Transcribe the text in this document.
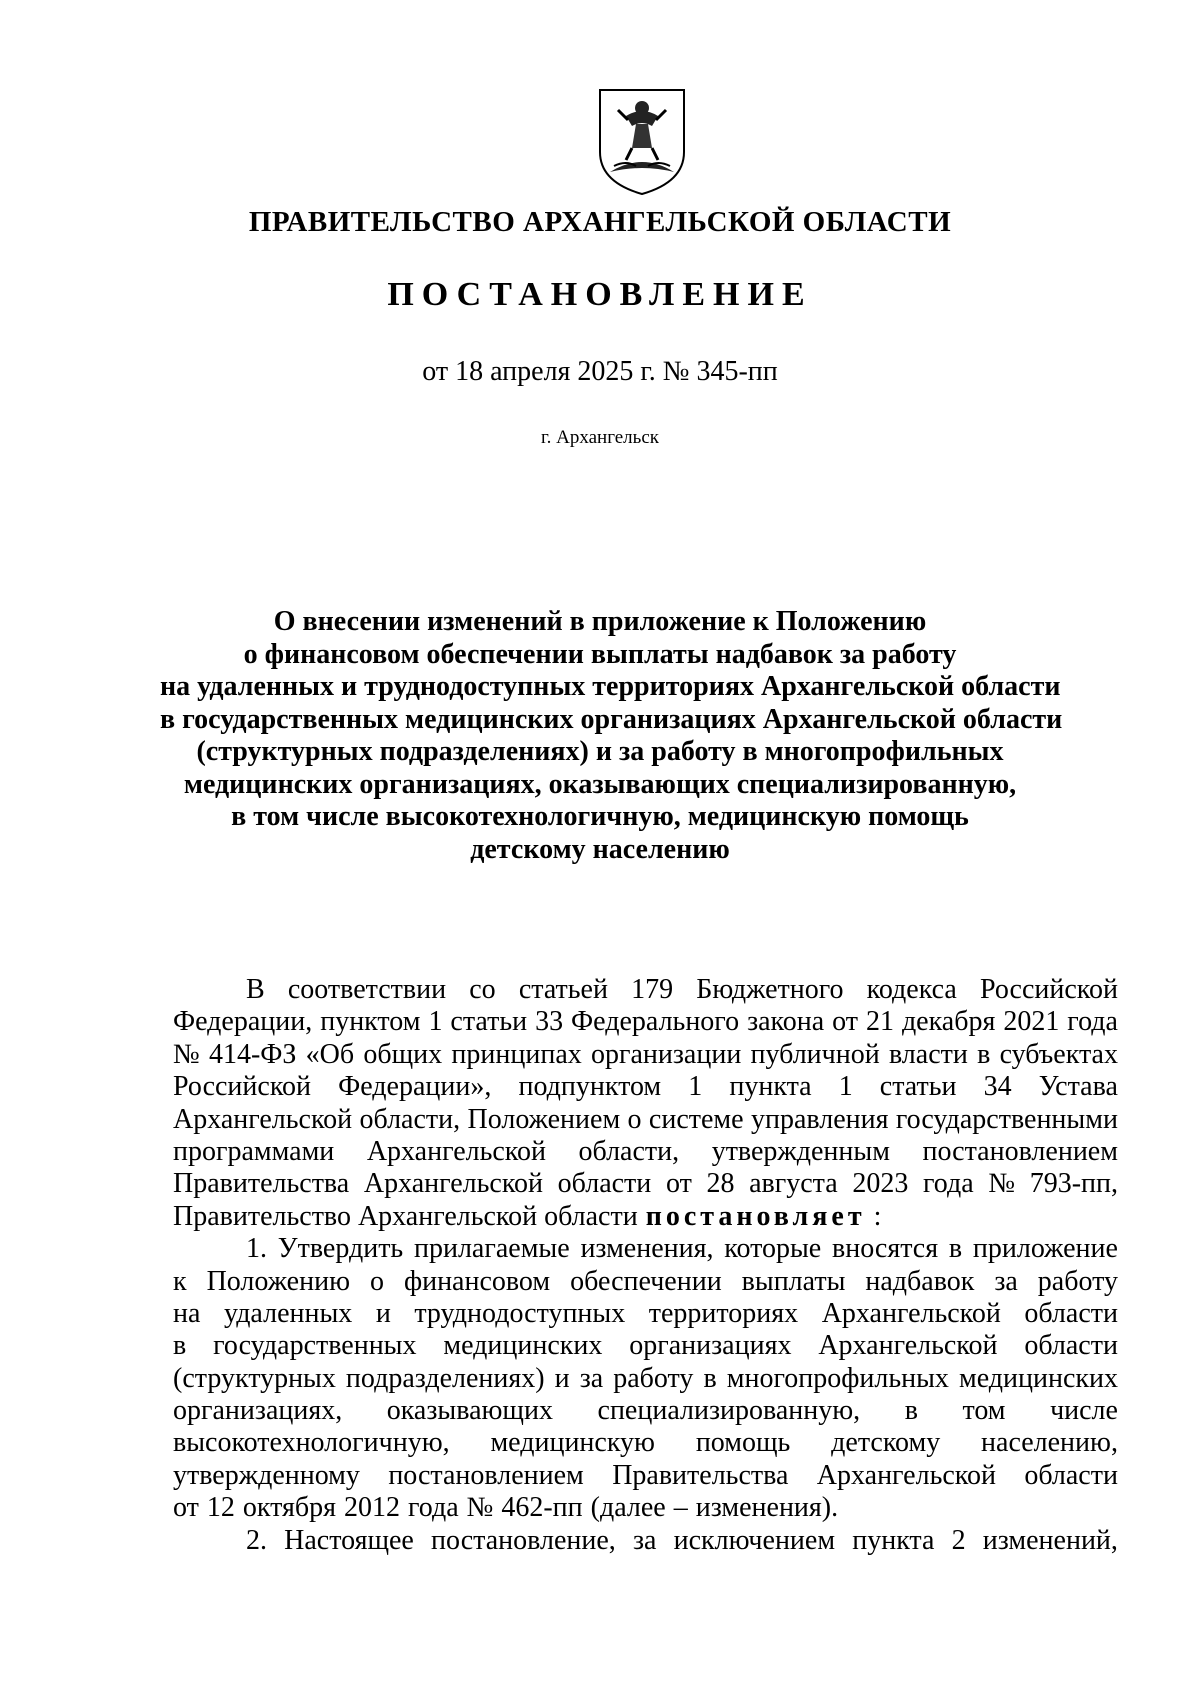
ПРАВИТЕЛЬСТВО АРХАНГЕЛЬСКОЙ ОБЛАСТИ
ПОСТАНОВЛЕНИЕ
от 18 апреля 2025 г. № 345-пп
г. Архангельск
О внесении изменений в приложение к Положению
о финансовом обеспечении выплаты надбавок за работу
на удаленных и труднодоступных территориях Архангельской области
в государственных медицинских организациях Архангельской области
(структурных подразделениях) и за работу в многопрофильных
медицинских организациях, оказывающих специализированную,
в том числе высокотехнологичную, медицинскую помощь
детскому населению
В соответствии со статьей 179 Бюджетного кодекса Российской
Федерации, пунктом 1 статьи 33 Федерального закона от 21 декабря 2021 года
№ 414-ФЗ «Об общих принципах организации публичной власти в субъектах
Российской Федерации», подпунктом 1 пункта 1 статьи 34 Устава
Архангельской области, Положением о системе управления государственными
программами Архангельской области, утвержденным постановлением
Правительства Архангельской области от 28 августа 2023 года № 793-пп,
Правительство Архангельской области постановляет :
1. Утвердить прилагаемые изменения, которые вносятся в приложение
к Положению о финансовом обеспечении выплаты надбавок за работу
на удаленных и труднодоступных территориях Архангельской области
в государственных медицинских организациях Архангельской области
(структурных подразделениях) и за работу в многопрофильных медицинских
организациях, оказывающих специализированную, в том числе
высокотехнологичную, медицинскую помощь детскому населению,
утвержденному постановлением Правительства Архангельской области
от 12 октября 2012 года № 462-пп (далее – изменения).
2. Настоящее постановление, за исключением пункта 2 изменений,
